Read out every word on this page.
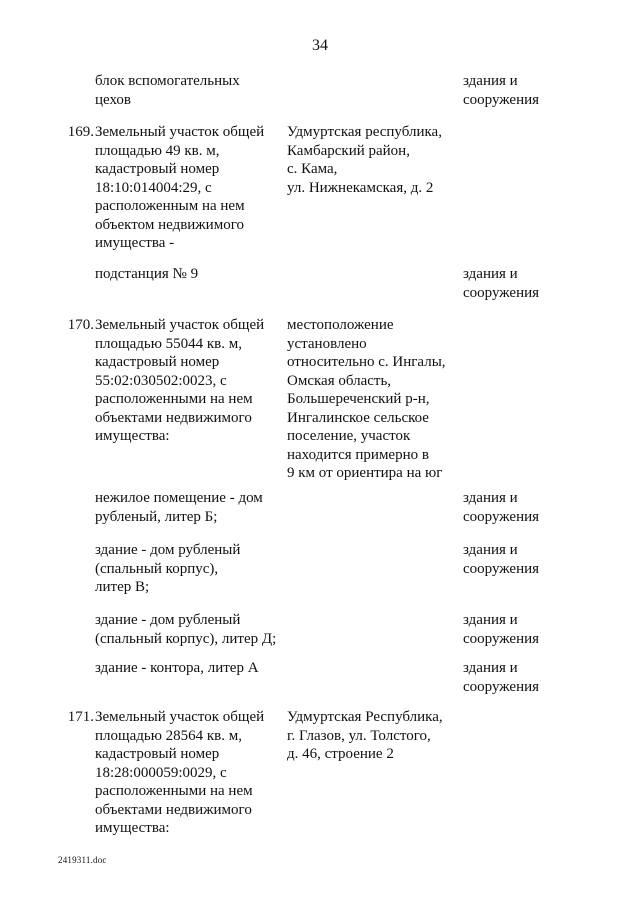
34
блок вспомогательных
цехов
здания и
сооружения
169. Земельный участок общей
площадью 49 кв. м,
кадастровый номер
18:10:014004:29, с
расположенным на нем
объектом недвижимого
имущества -
Удмуртская республика,
Камбарский район,
с. Кама,
ул. Нижнекамская, д. 2
подстанция № 9	здания и
сооружения
170. Земельный участок общей
площадью 55044 кв. м,
кадастровый номер
55:02:030502:0023, с
расположенными на нем
объектами недвижимого
имущества:
местоположение
установлено
относительно с. Ингалы,
Омская область,
Большереченский р-н,
Ингалинское сельское
поселение, участок
находится примерно в
9 км от ориентира на юг
нежилое помещение - дом
рубленый, литер Б;
здания и
сооружения
здание - дом рубленый
(спальный корпус),
литер В;
здания и
сооружения
здание - дом рубленый
(спальный корпус), литер Д;
здания и
сооружения
здание - контора, литер А	здания и
сооружения
171. Земельный участок общей
площадью 28564 кв. м,
кадастровый номер
18:28:000059:0029, с
расположенными на нем
объектами недвижимого
имущества:
Удмуртская Республика,
г. Глазов, ул. Толстого,
д. 46, строение 2
2419311.doc
